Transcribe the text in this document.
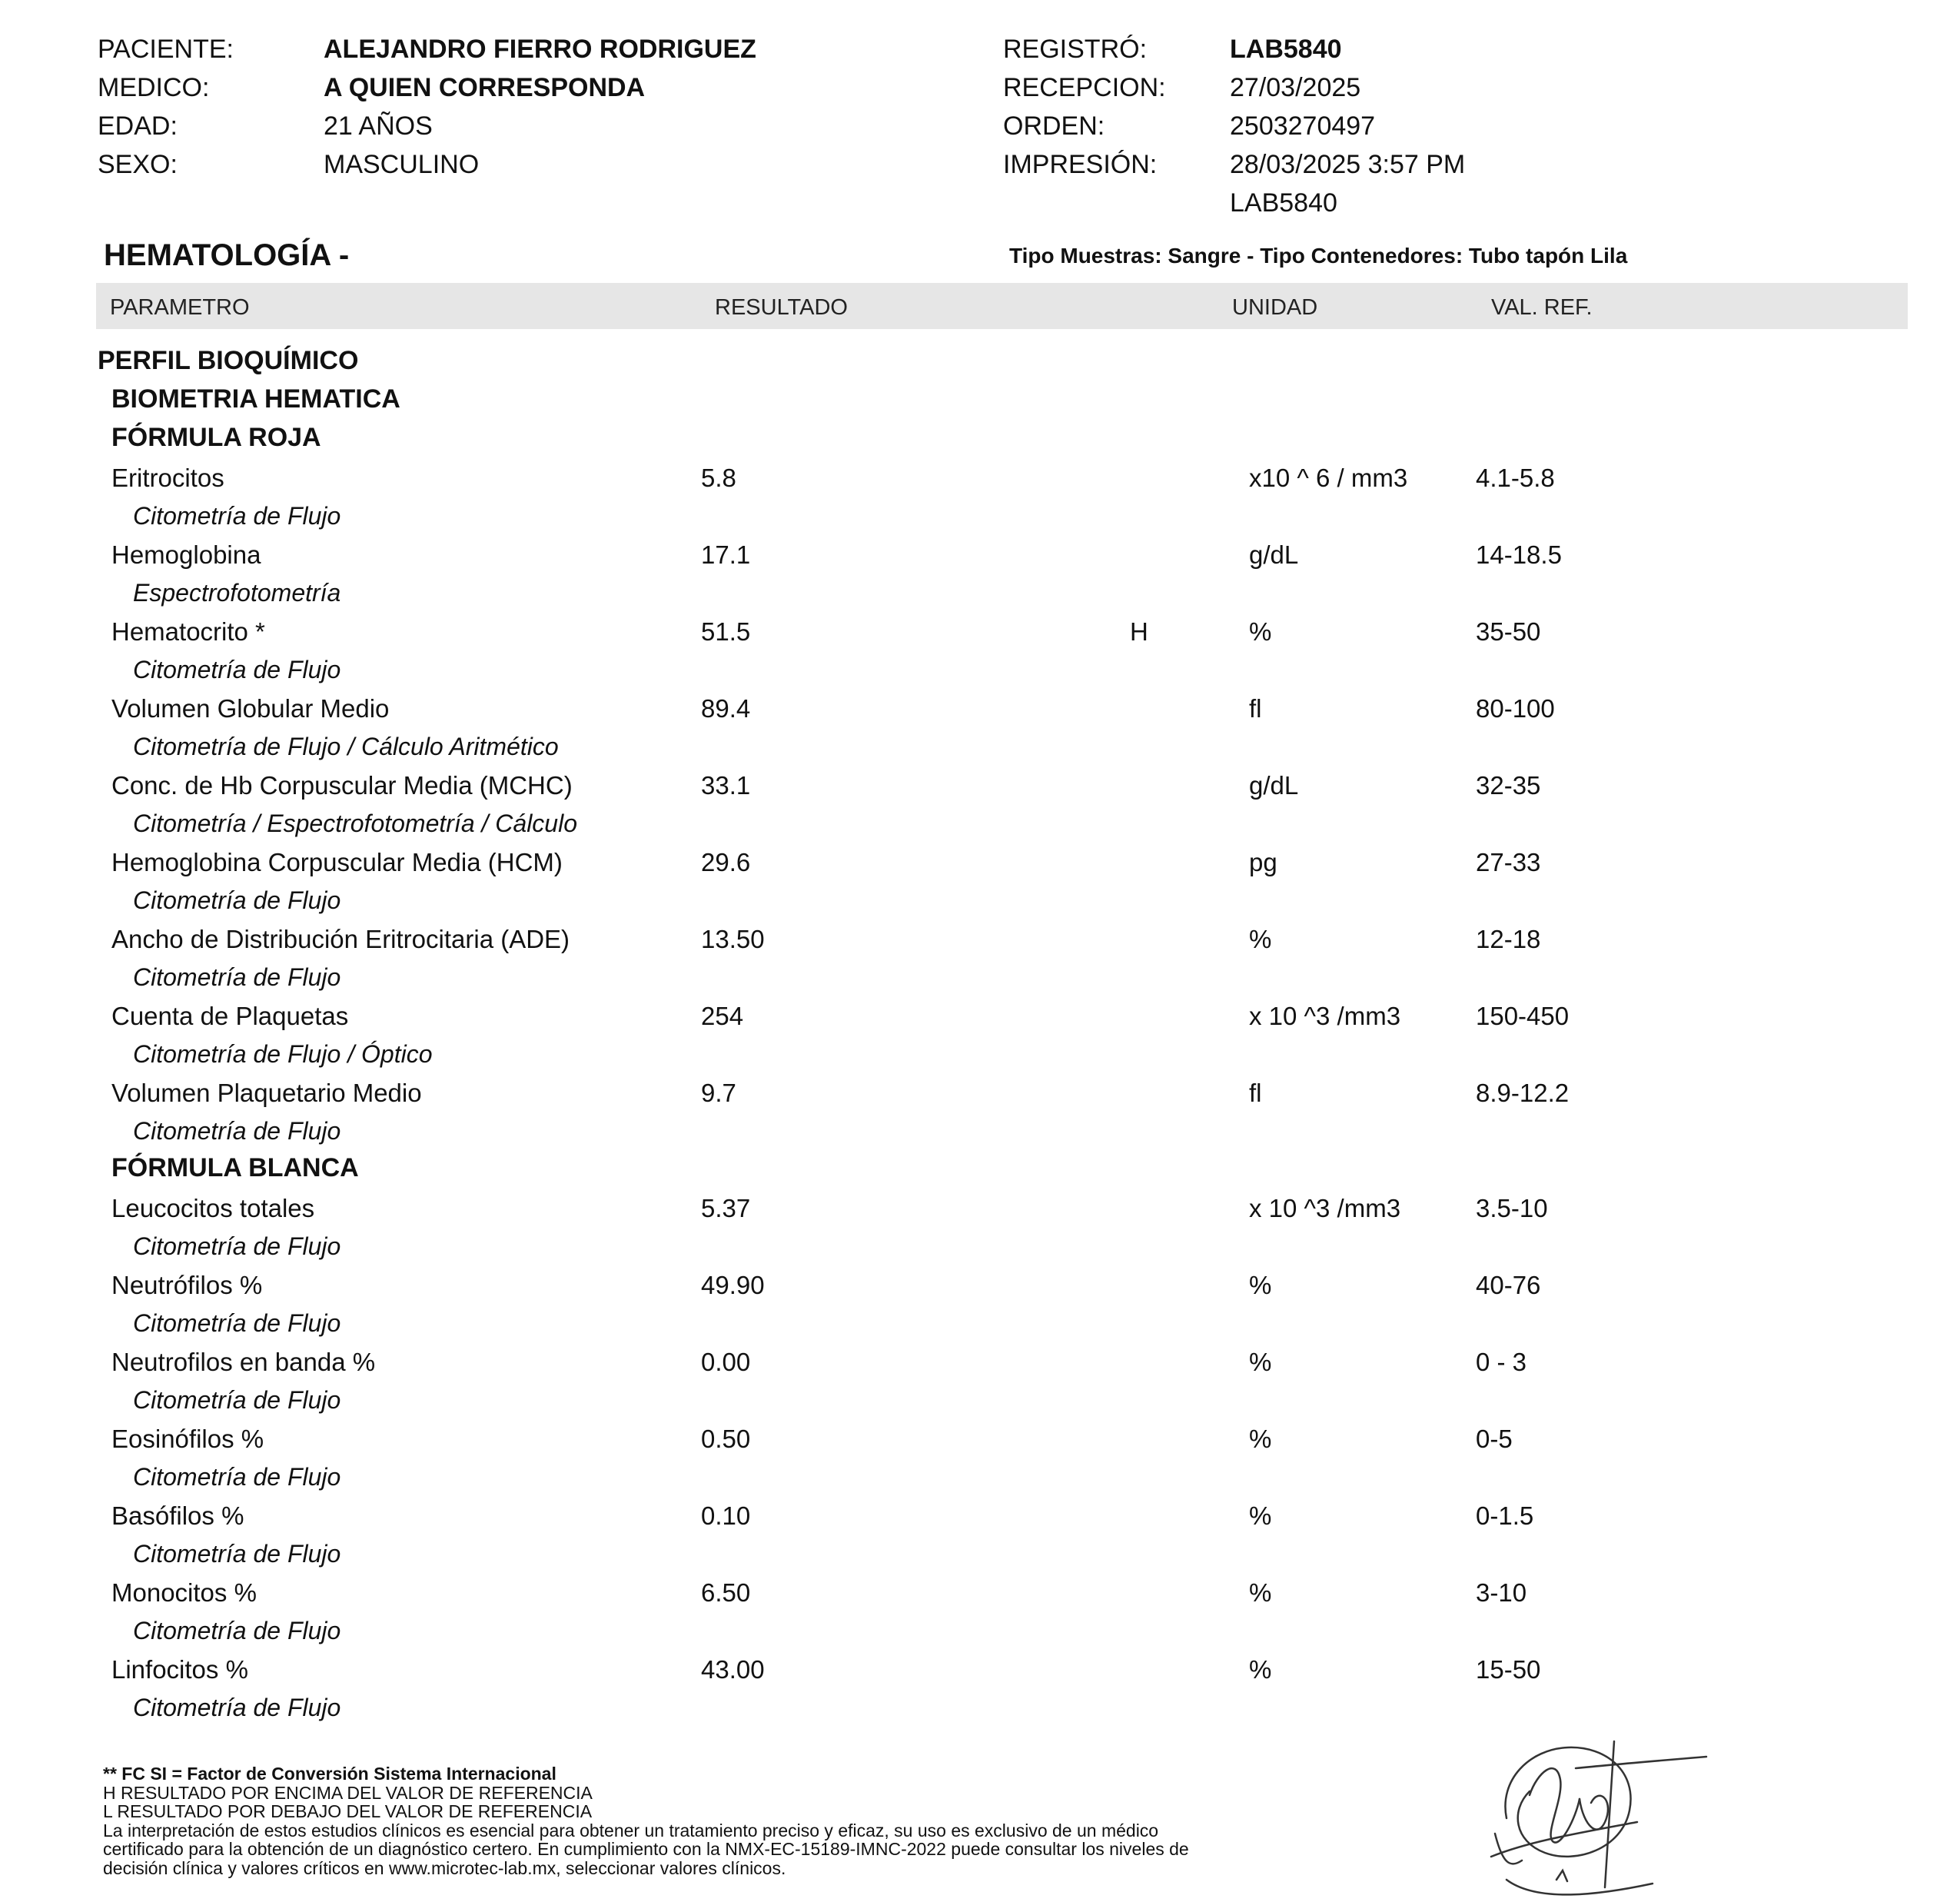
PACIENTE:	ALEJANDRO FIERRO RODRIGUEZ
MEDICO:	A QUIEN CORRESPONDA
EDAD:	21 AÑOS
SEXO:	MASCULINO
REGISTRÓ:	LAB5840
RECEPCION: 27/03/2025
ORDEN:	2503270497
IMPRESIÓN:	28/03/2025 3:57 PM
LAB5840
HEMATOLOGÍA -	Tipo Muestras: Sangre - Tipo Contenedores: Tubo tapón Lila
PARAMETRO	RESULTADO	UNIDAD	VAL. REF.
PERFIL BIOQUÍMICO
BIOMETRIA HEMATICA
FÓRMULA ROJA
FÓRMULA BLANCA
Eritrocitos	5.8	x10 ^ 6 / mm3	4.1-5.8
Citometría de Flujo
Hemoglobina	17.1	g/dL	14-18.5
Espectrofotometría
Hematocrito *	51.5	H	%	35-50
Citometría de Flujo
Volumen Globular Medio	89.4	fl	80-100
Citometría de Flujo / Cálculo Aritmético
Conc. de Hb Corpuscular Media (MCHC)	33.1	g/dL	32-35
Citometría / Espectrofotometría / Cálculo
Hemoglobina Corpuscular Media (HCM)	29.6	pg	27-33
Citometría de Flujo
Ancho de Distribución Eritrocitaria (ADE)	13.50	%	12-18
Citometría de Flujo
Cuenta de Plaquetas	254	x 10 ^3 /mm3	150-450
Citometría de Flujo / Óptico
Volumen Plaquetario Medio	9.7	fl	8.9-12.2
Citometría de Flujo
Leucocitos totales	5.37	x 10 ^3 /mm3	3.5-10
Citometría de Flujo
Neutrófilos %	49.90	%	40-76
Citometría de Flujo
Neutrofilos en banda %	0.00	%	0 - 3
Citometría de Flujo
Eosinófilos %	0.50	%	0-5
Citometría de Flujo
Basófilos %	0.10	%	0-1.5
Citometría de Flujo
Monocitos %	6.50	%	3-10
Citometría de Flujo
Linfocitos %	43.00	%	15-50
Citometría de Flujo
** FC SI = Factor de Conversión Sistema Internacional
H RESULTADO POR ENCIMA DEL VALOR DE REFERENCIA
L RESULTADO POR DEBAJO DEL VALOR DE REFERENCIA
La interpretación de estos estudios clínicos es esencial para obtener un tratamiento preciso y eficaz, su uso es exclusivo de un médico
certificado para la obtención de un diagnóstico certero. En cumplimiento con la NMX-EC-15189-IMNC-2022 puede consultar los niveles de
decisión clínica y valores críticos en www.microtec-lab.mx, seleccionar valores clínicos.
